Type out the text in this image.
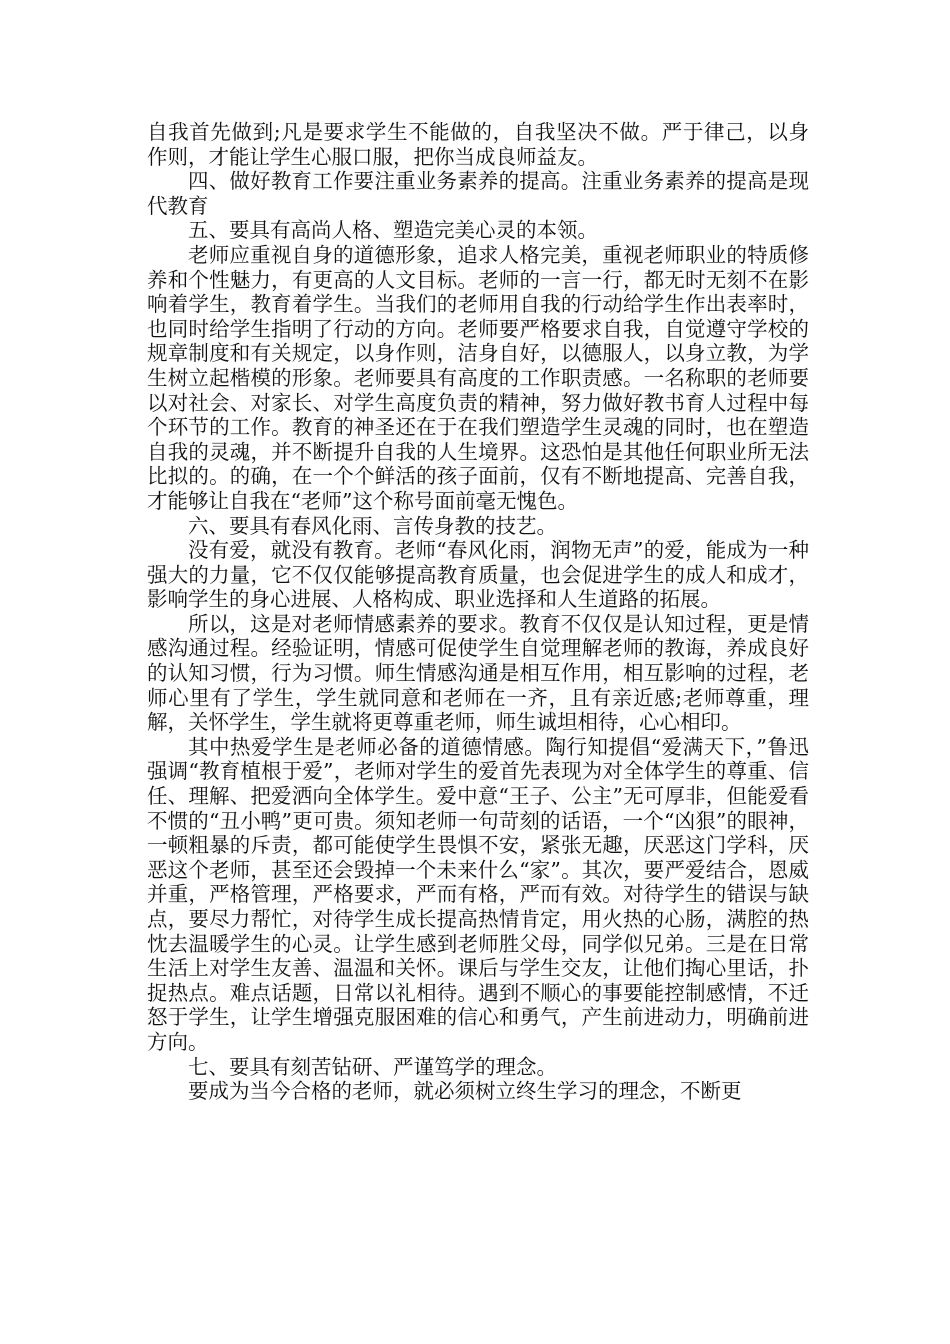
自我首先做到;凡是要求学生不能做的，自我坚决不做。严于律己，以身作则，才能让学生心服口服，把你当成良师益友。

四、做好教育工作要注重业务素养的提高。注重业务素养的提高是现代教育

五、要具有高尚人格、塑造完美心灵的本领。

老师应重视自身的道德形象，追求人格完美，重视老师职业的特质修养和个性魅力，有更高的人文目标。老师的一言一行，都无时无刻不在影响着学生，教育着学生。当我们的老师用自我的行动给学生作出表率时，也同时给学生指明了行动的方向。老师要严格要求自我，自觉遵守学校的规章制度和有关规定，以身作则，洁身自好，以德服人，以身立教，为学生树立起楷模的形象。老师要具有高度的工作职责感。一名称职的老师要以对社会、对家长、对学生高度负责的精神，努力做好教书育人过程中每个环节的工作。教育的神圣还在于在我们塑造学生灵魂的同时，也在塑造自我的灵魂，并不断提升自我的人生境界。这恐怕是其他任何职业所无法比拟的。的确，在一个个鲜活的孩子面前，仅有不断地提高、完善自我，才能够让自我在“老师”这个称号面前毫无愧色。

六、要具有春风化雨、言传身教的技艺。

没有爱，就没有教育。老师“春风化雨，润物无声”的爱，能成为一种强大的力量，它不仅仅能够提高教育质量，也会促进学生的成人和成才，影响学生的身心进展、人格构成、职业选择和人生道路的拓展。

所以，这是对老师情感素养的要求。教育不仅仅是认知过程，更是情感沟通过程。经验证明，情感可促使学生自觉理解老师的教诲，养成良好的认知习惯，行为习惯。师生情感沟通是相互作用，相互影响的过程，老师心里有了学生，学生就同意和老师在一齐，且有亲近感;老师尊重，理解，关怀学生，学生就将更尊重老师，师生诚坦相待，心心相印。

其中热爱学生是老师必备的道德情感。陶行知提倡“爱满天下，”鲁迅强调“教育植根于爱”，老师对学生的爱首先表现为对全体学生的尊重、信任、理解、把爱洒向全体学生。爱中意“王子、公主”无可厚非，但能爱看不惯的“丑小鸭”更可贵。须知老师一句苛刻的话语，一个“凶狠”的眼神，一顿粗暴的斥责，都可能使学生畏惧不安，紧张无趣，厌恶这门学科，厌恶这个老师，甚至还会毁掉一个未来什么“家”。其次，要严爱结合，恩威并重，严格管理，严格要求，严而有格，严而有效。对待学生的错误与缺点，要尽力帮忙，对待学生成长提高热情肯定，用火热的心肠，满腔的热忱去温暖学生的心灵。让学生感到老师胜父母，同学似兄弟。三是在日常生活上对学生友善、温温和关怀。课后与学生交友，让他们掏心里话，扑捉热点。难点话题，日常以礼相待。遇到不顺心的事要能控制感情，不迁怒于学生，让学生增强克服困难的信心和勇气，产生前进动力，明确前进方向。

七、要具有刻苦钻研、严谨笃学的理念。

要成为当今合格的老师，就必须树立终生学习的理念，不断更
